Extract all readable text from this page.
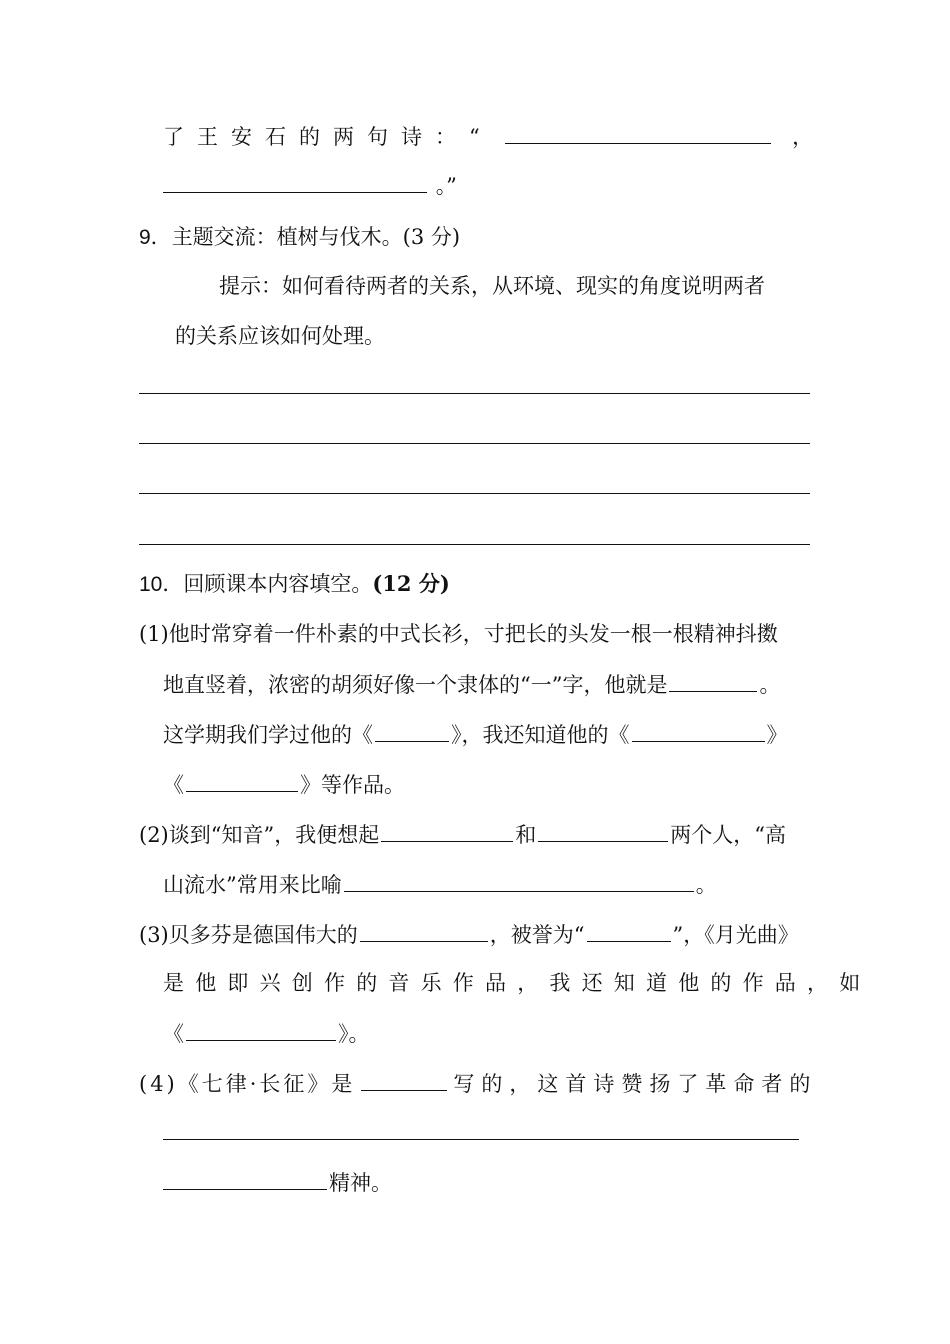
了王安石的两句诗：“	，
。”
9．主题交流：植树与伐木。(3 分)
提示：如何看待两者的关系，从环境、现实的角度说明两者
的关系应该如何处理。
10．回顾课本内容填空。(12 分)
(1)他时常穿着一件朴素的中式长衫，寸把长的头发一根一根精神抖擞
地直竖着，浓密的胡须好像一个隶体的“一”字，他就是	。
这学期我们学过他的《	》，我还知道他的《	》
《	》等作品。
(2)谈到“知音”，我便想起	和	两个人，“高
山流水”常用来比喻	。
(3)贝多芬是德国伟大的	，被誉为“	”，《月光曲》
是他即兴创作的音乐作品，我还知道他的作品，如
《	》。
(4)《七律·长征》是	写的，这首诗赞扬了革命者的
精神。
